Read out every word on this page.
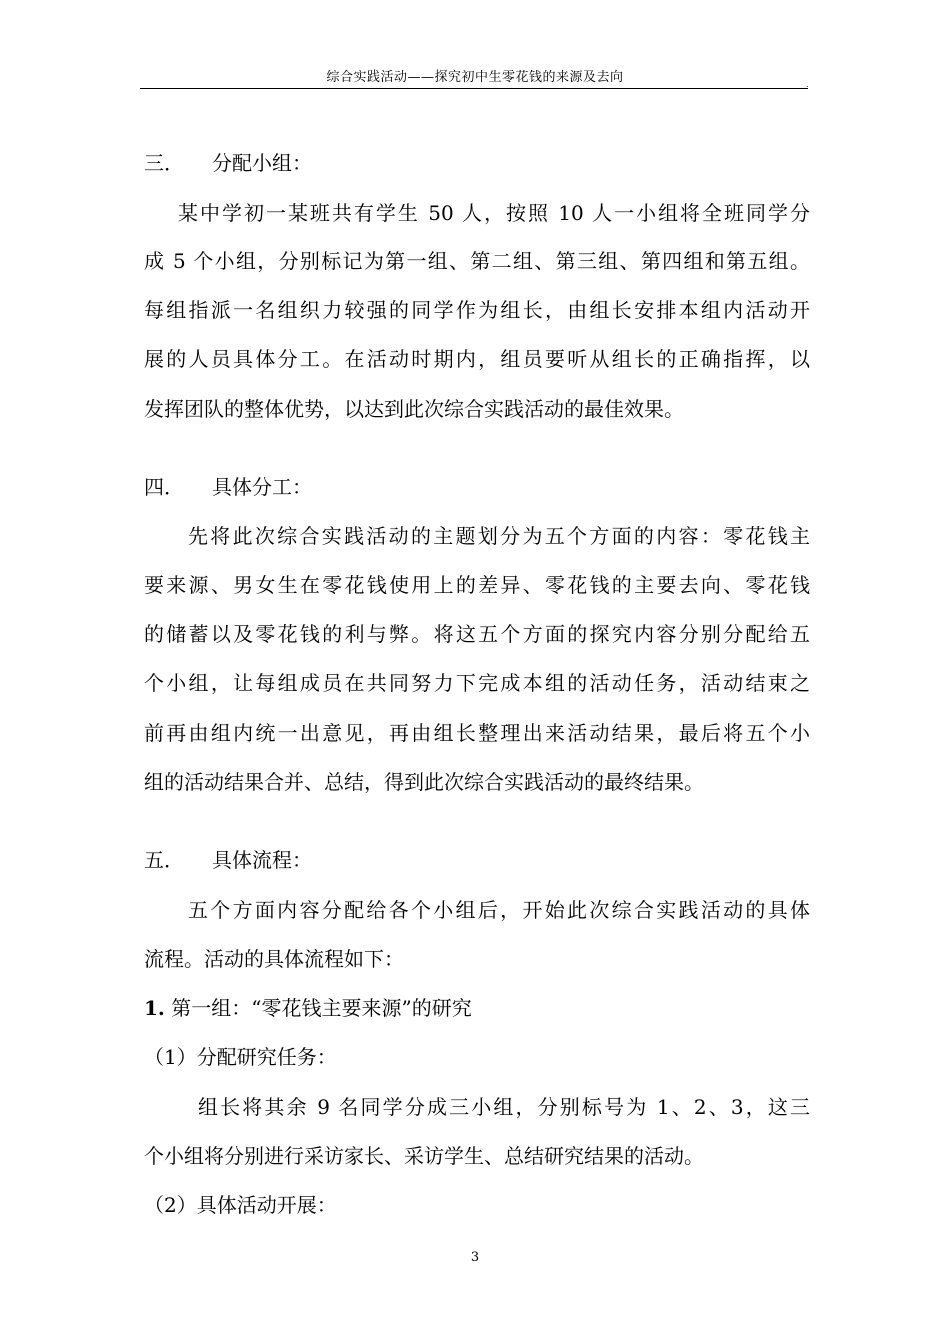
综合实践活动——探究初中生零花钱的来源及去向	.
三． 分配小组：
某中学初一某班共有学生 50 人，按照 10 人一小组将全班同学分
成 5 个小组，分别标记为第一组、第二组、第三组、第四组和第五组。
每组指派一名组织力较强的同学作为组长，由组长安排本组内活动开
展的人员具体分工。在活动时期内，组员要听从组长的正确指挥，以
发挥团队的整体优势，以达到此次综合实践活动的最佳效果。
四． 具体分工：
先将此次综合实践活动的主题划分为五个方面的内容：零花钱主
要来源、男女生在零花钱使用上的差异、零花钱的主要去向、零花钱
的储蓄以及零花钱的利与弊。将这五个方面的探究内容分别分配给五
个小组，让每组成员在共同努力下完成本组的活动任务，活动结束之
前再由组内统一出意见，再由组长整理出来活动结果，最后将五个小
组的活动结果合并、总结，得到此次综合实践活动的最终结果。
五． 具体流程：
五个方面内容分配给各个小组后，开始此次综合实践活动的具体
流程。活动的具体流程如下：
1. 第一组：“零花钱主要来源”的研究
（1）分配研究任务：
组长将其余 9 名同学分成三小组，分别标号为 1、2、3，这三
个小组将分别进行采访家长、采访学生、总结研究结果的活动。
（2）具体活动开展：
3
